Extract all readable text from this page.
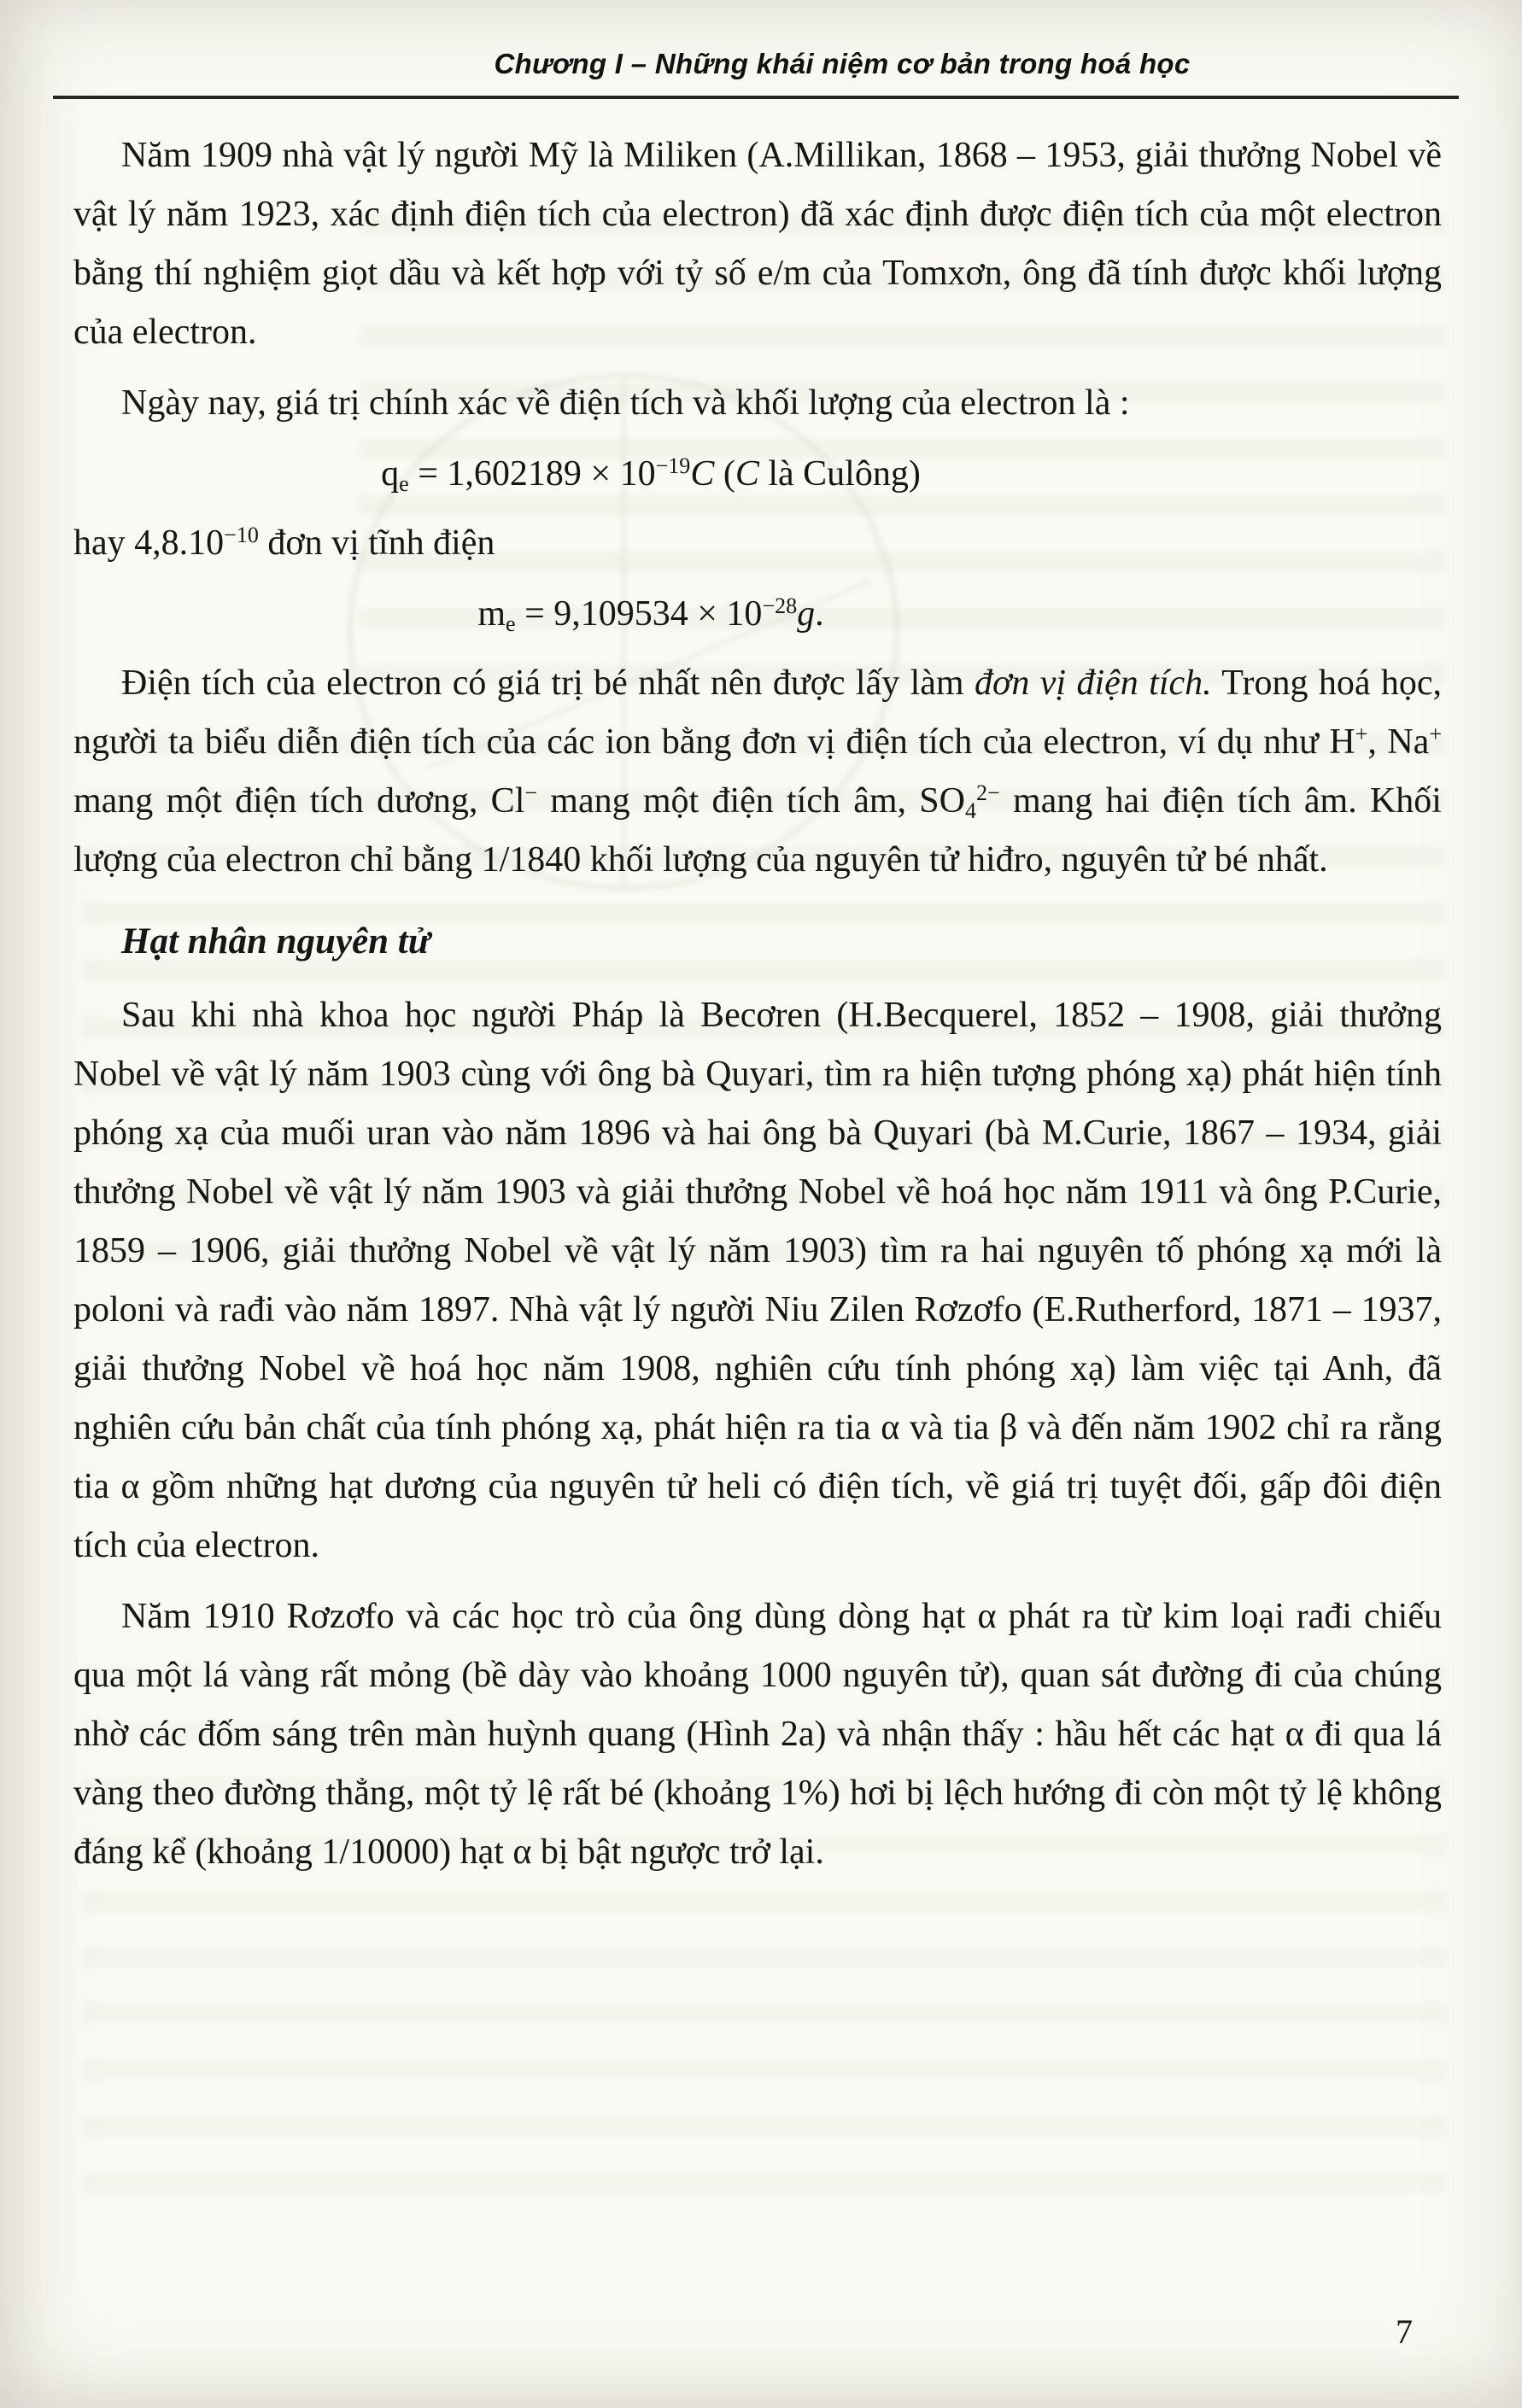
Chương I – Những khái niệm cơ bản trong hoá học

Năm 1909 nhà vật lý người Mỹ là Miliken (A.Millikan, 1868 – 1953, giải thưởng Nobel về vật lý năm 1923, xác định điện tích của electron) đã xác định được điện tích của một electron bằng thí nghiệm giọt dầu và kết hợp với tỷ số e/m của Tomxơn, ông đã tính được khối lượng của electron.

Ngày nay, giá trị chính xác về điện tích và khối lượng của electron là :

$q_e = 1,602189 \times 10^{-19}C$ (C là Culông)

hay $4,8.10^{-10}$ đơn vị tĩnh điện

$m_e = 9,109534 \times 10^{-28}g$.

Điện tích của electron có giá trị bé nhất nên được lấy làm đơn vị điện tích. Trong hoá học, người ta biểu diễn điện tích của các ion bằng đơn vị điện tích của electron, ví dụ như H+, Na+ mang một điện tích dương, Cl− mang một điện tích âm, $SO_4^{2-}$ mang hai điện tích âm. Khối lượng của electron chỉ bằng 1/1840 khối lượng của nguyên tử hiđro, nguyên tử bé nhất.

Hạt nhân nguyên tử

Sau khi nhà khoa học người Pháp là Becơren (H.Becquerel, 1852 – 1908, giải thưởng Nobel về vật lý năm 1903 cùng với ông bà Quyari, tìm ra hiện tượng phóng xạ) phát hiện tính phóng xạ của muối uran vào năm 1896 và hai ông bà Quyari (bà M.Curie, 1867 – 1934, giải thưởng Nobel về vật lý năm 1903 và giải thưởng Nobel về hoá học năm 1911 và ông P.Curie, 1859 – 1906, giải thưởng Nobel về vật lý năm 1903) tìm ra hai nguyên tố phóng xạ mới là poloni và rađi vào năm 1897. Nhà vật lý người Niu Zilen Rơzơfo (E.Rutherford, 1871 – 1937, giải thưởng Nobel về hoá học năm 1908, nghiên cứu tính phóng xạ) làm việc tại Anh, đã nghiên cứu bản chất của tính phóng xạ, phát hiện ra tia α và tia β và đến năm 1902 chỉ ra rằng tia α gồm những hạt dương của nguyên tử heli có điện tích, về giá trị tuyệt đối, gấp đôi điện tích của electron.

Năm 1910 Rơzơfo và các học trò của ông dùng dòng hạt α phát ra từ kim loại rađi chiếu qua một lá vàng rất mỏng (bề dày vào khoảng 1000 nguyên tử), quan sát đường đi của chúng nhờ các đốm sáng trên màn huỳnh quang (Hình 2a) và nhận thấy : hầu hết các hạt α đi qua lá vàng theo đường thẳng, một tỷ lệ rất bé (khoảng 1%) hơi bị lệch hướng đi còn một tỷ lệ không đáng kể (khoảng 1/10000) hạt α bị bật ngược trở lại.

7
